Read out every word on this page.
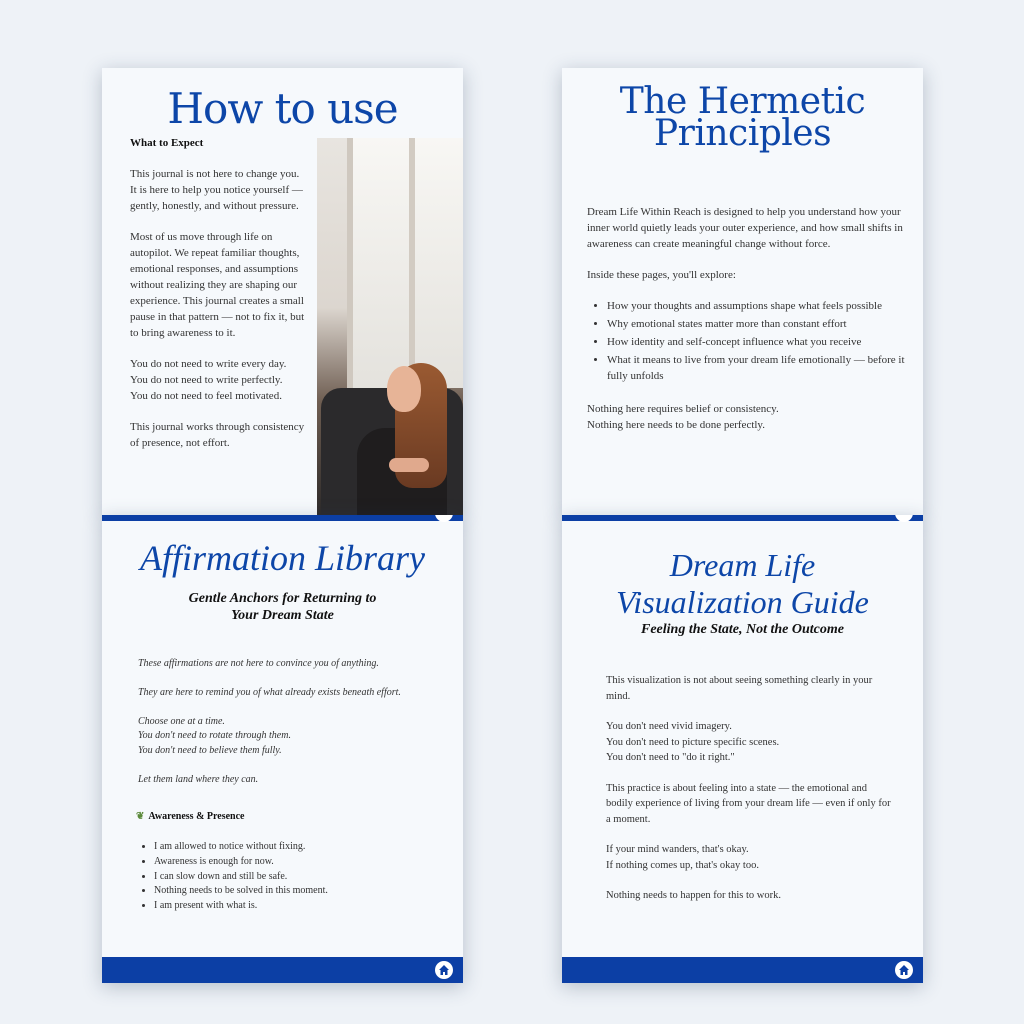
How to use
What to Expect

This journal is not here to change you. It is here to help you notice yourself — gently, honestly, and without pressure.

Most of us move through life on autopilot. We repeat familiar thoughts, emotional responses, and assumptions without realizing they are shaping our experience. This journal creates a small pause in that pattern — not to fix it, but to bring awareness to it.

You do not need to write every day.

You do not need to write perfectly.

You do not need to feel motivated.

This journal works through consistency of presence, not effort.

The Hermetic
Principles

Dream Life Within Reach is designed to help you understand how your inner world quietly leads your outer experience, and how small shifts in awareness can create meaningful change without force.

Inside these pages, you'll explore:

• How your thoughts and assumptions shape what feels possible
• Why emotional states matter more than constant effort
• How identity and self-concept influence what you receive
• What it means to live from your dream life emotionally — before it fully unfolds

Nothing here requires belief or consistency.

Nothing here needs to be done perfectly.

Affirmation Library
Gentle Anchors for Returning to
Your Dream State

These affirmations are not here to convince you of anything.

They are here to remind you of what already exists beneath effort.

Choose one at a time.

You don't need to rotate through them.

You don't need to believe them fully.

Let them land where they can.

❦ Awareness & Presence
• I am allowed to notice without fixing.
• Awareness is enough for now.
• I can slow down and still be safe.
• Nothing needs to be solved in this moment.
• I am present with what is.
Dream Life
Visualization Guide
Feeling the State, Not the Outcome

This visualization is not about seeing something clearly in your mind.

You don't need vivid imagery.

You don't need to picture specific scenes.

You don't need to "do it right."

This practice is about feeling into a state — the emotional and bodily experience of living from your dream life — even if only for a moment.

If your mind wanders, that's okay.

If nothing comes up, that's okay too.

Nothing needs to happen for this to work.
